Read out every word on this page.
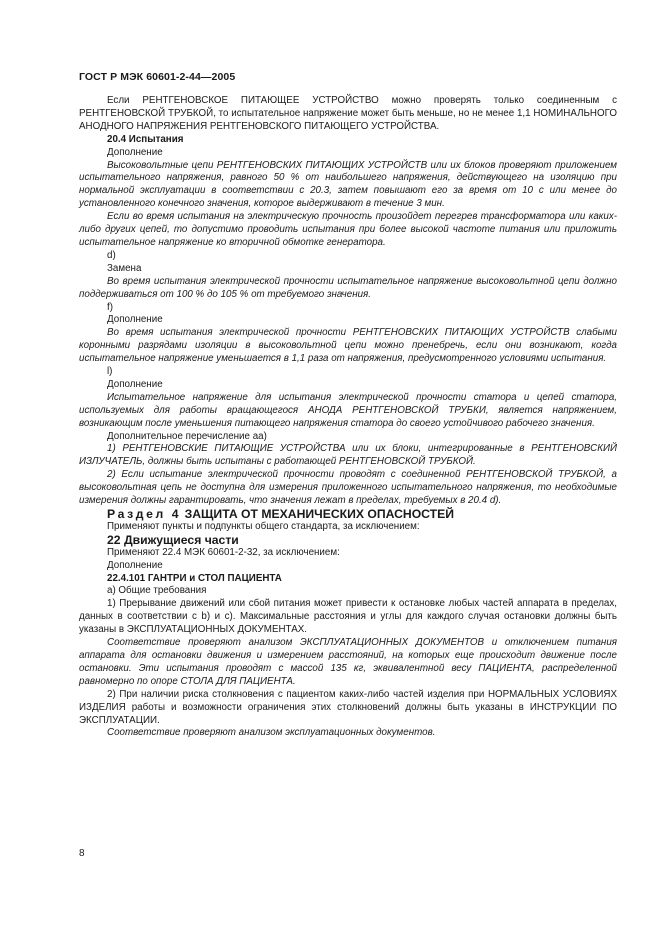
ГОСТ Р МЭК 60601-2-44—2005

Если РЕНТГЕНОВСКОЕ ПИТАЮЩЕЕ УСТРОЙСТВО можно проверять только соединенным с РЕНТГЕНОВСКОЙ ТРУБКОЙ, то испытательное напряжение может быть меньше, но не менее 1,1 НОМИНАЛЬНОГО АНОДНОГО НАПРЯЖЕНИЯ РЕНТГЕНОВСКОГО ПИТАЮЩЕГО УСТРОЙСТВА.

20.4 Испытания

Дополнение

Высоковольтные цепи РЕНТГЕНОВСКИХ ПИТАЮЩИХ УСТРОЙСТВ или их блоков проверяют приложением испытательного напряжения, равного 50 % от наибольшего напряжения, действующего на изоляцию при нормальной эксплуатации в соответствии с 20.3, затем повышают его за время от 10 с или менее до установленного конечного значения, которое выдерживают в течение 3 мин.

Если во время испытания на электрическую прочность произойдет перегрев трансформатора или каких-либо других цепей, то допустимо проводить испытания при более высокой частоте питания или приложить испытательное напряжение ко вторичной обмотке генератора.

d)

Замена

Во время испытания электрической прочности испытательное напряжение высоковольтной цепи должно поддерживаться от 100 % до 105 % от требуемого значения.

f)

Дополнение

Во время испытания электрической прочности РЕНТГЕНОВСКИХ ПИТАЮЩИХ УСТРОЙСТВ слабыми коронными разрядами изоляции в высоковольтной цепи можно пренебречь, если они возникают, когда испытательное напряжение уменьшается в 1,1 раза от напряжения, предусмотренного условиями испытания.

l)

Дополнение

Испытательное напряжение для испытания электрической прочности статора и цепей статора, используемых для работы вращающегося АНОДА РЕНТГЕНОВСКОЙ ТРУБКИ, является напряжением, возникающим после уменьшения питающего напряжения статора до своего устойчивого рабочего значения.

Дополнительное перечисление аа)

1) РЕНТГЕНОВСКИЕ ПИТАЮЩИЕ УСТРОЙСТВА или их блоки, интегрированные в РЕНТГЕНОВСКИЙ ИЗЛУЧАТЕЛЬ, должны быть испытаны с работающей РЕНТГЕНОВСКОЙ ТРУБКОЙ.

2) Если испытание электрической прочности проводят с соединенной РЕНТГЕНОВСКОЙ ТРУБКОЙ, а высоковольтная цепь не доступна для измерения приложенного испытательного напряжения, то необходимые измерения должны гарантировать, что значения лежат в пределах, требуемых в 20.4 d).

Раздел 4 ЗАЩИТА ОТ МЕХАНИЧЕСКИХ ОПАСНОСТЕЙ

Применяют пункты и подпункты общего стандарта, за исключением:

22 Движущиеся части

Применяют 22.4 МЭК 60601-2-32, за исключением:

Дополнение

22.4.101 ГАНТРИ и СТОЛ ПАЦИЕНТА

а) Общие требования

1) Прерывание движений или сбой питания может привести к остановке любых частей аппарата в пределах, данных в соответствии с b) и c). Максимальные расстояния и углы для каждого случая остановки должны быть указаны в ЭКСПЛУАТАЦИОННЫХ ДОКУМЕНТАХ.

Соответствие проверяют анализом ЭКСПЛУАТАЦИОННЫХ ДОКУМЕНТОВ и отключением питания аппарата для остановки движения и измерением расстояний, на которых еще происходит движение после остановки. Эти испытания проводят с массой 135 кг, эквивалентной весу ПАЦИЕНТА, распределенной равномерно по опоре СТОЛА ДЛЯ ПАЦИЕНТА.

2) При наличии риска столкновения с пациентом каких-либо частей изделия при НОРМАЛЬНЫХ УСЛОВИЯХ ИЗДЕЛИЯ работы и возможности ограничения этих столкновений должны быть указаны в ИНСТРУКЦИИ ПО ЭКСПЛУАТАЦИИ.

Соответствие проверяют анализом эксплуатационных документов.

8
